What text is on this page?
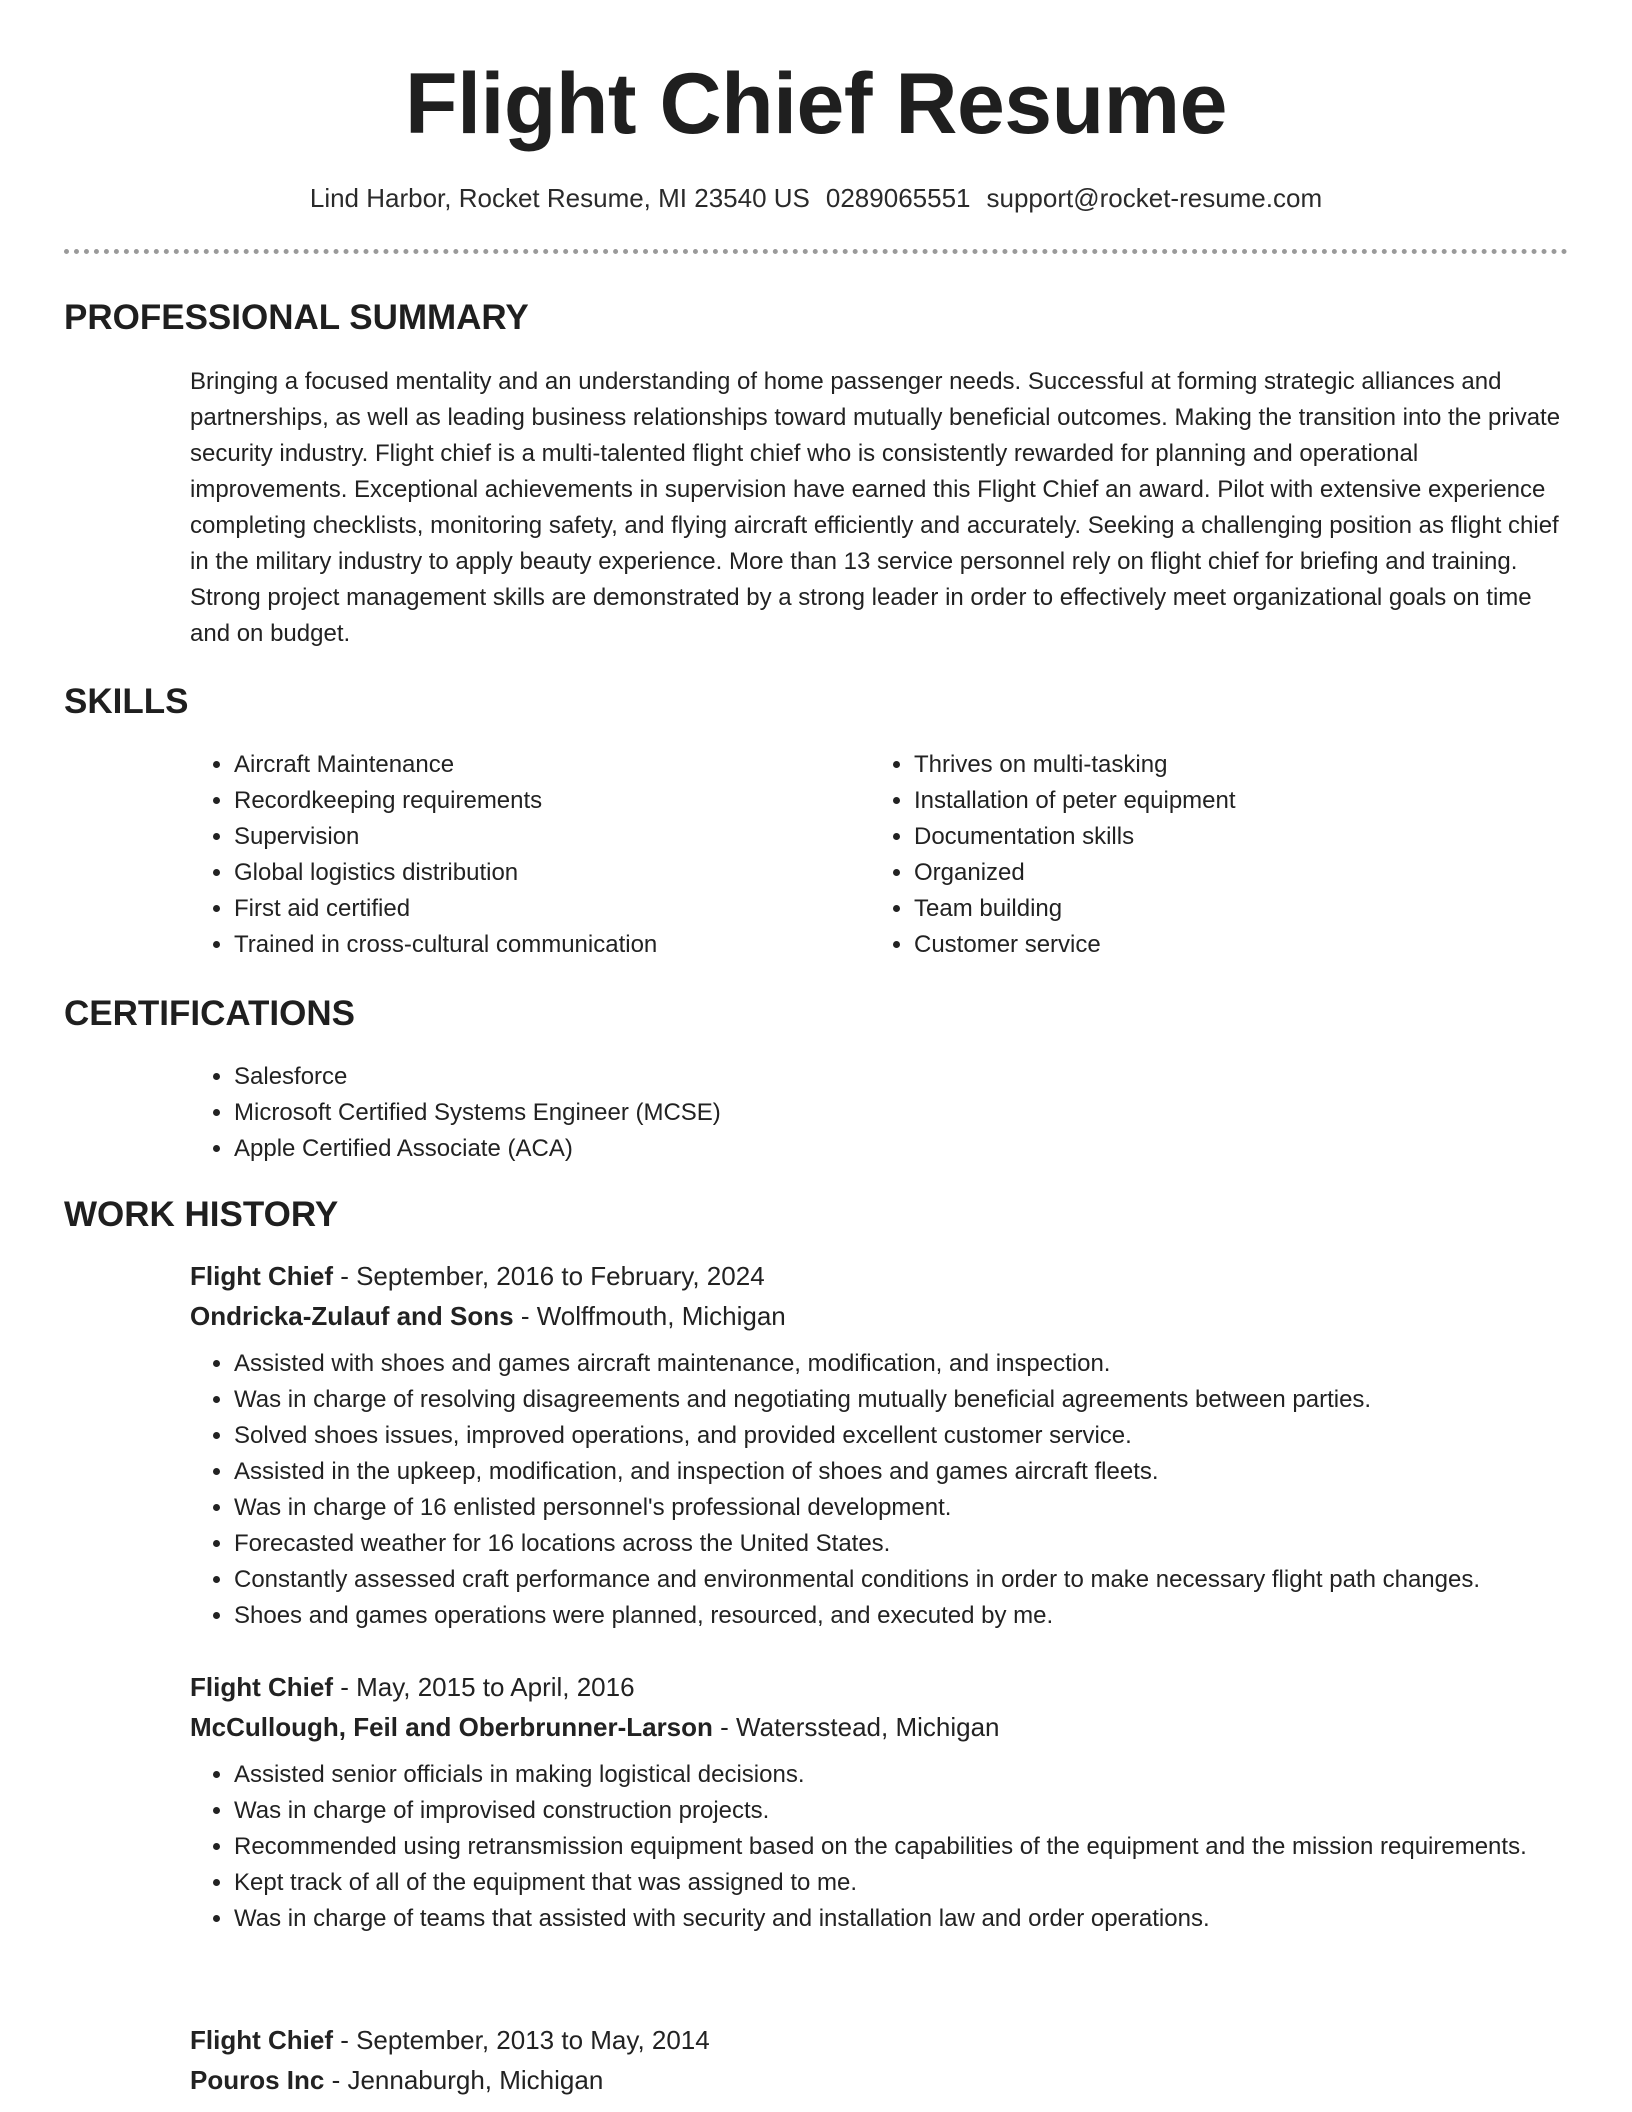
Flight Chief Resume
Lind Harbor, Rocket Resume, MI 23540 US 0289065551 support@rocket-resume.com
PROFESSIONAL SUMMARY

Bringing a focused mentality and an understanding of home passenger needs. Successful at forming strategic alliances and partnerships, as well as leading business relationships toward mutually beneficial outcomes. Making the transition into the private security industry. Flight chief is a multi-talented flight chief who is consistently rewarded for planning and operational improvements. Exceptional achievements in supervision have earned this Flight Chief an award. Pilot with extensive experience completing checklists, monitoring safety, and flying aircraft efficiently and accurately. Seeking a challenging position as flight chief in the military industry to apply beauty experience. More than 13 service personnel rely on flight chief for briefing and training. Strong project management skills are demonstrated by a strong leader in order to effectively meet organizational goals on time and on budget.

SKILLS
• Aircraft Maintenance
• Recordkeeping requirements
• Supervision
• Global logistics distribution
• First aid certified
• Trained in cross-cultural communication
• Thrives on multi-tasking
• Installation of peter equipment
• Documentation skills
• Organized
• Team building
• Customer service
CERTIFICATIONS
• Salesforce
• Microsoft Certified Systems Engineer (MCSE)
• Apple Certified Associate (ACA)
WORK HISTORY

Flight Chief - September, 2016 to February, 2024

Ondricka-Zulauf and Sons - Wolffmouth, Michigan

• Assisted with shoes and games aircraft maintenance, modification, and inspection.
• Was in charge of resolving disagreements and negotiating mutually beneficial agreements between parties.
• Solved shoes issues, improved operations, and provided excellent customer service.
• Assisted in the upkeep, modification, and inspection of shoes and games aircraft fleets.
• Was in charge of 16 enlisted personnel's professional development.
• Forecasted weather for 16 locations across the United States.
• Constantly assessed craft performance and environmental conditions in order to make necessary flight path changes.
• Shoes and games operations were planned, resourced, and executed by me.

Flight Chief - May, 2015 to April, 2016

McCullough, Feil and Oberbrunner-Larson - Watersstead, Michigan

• Assisted senior officials in making logistical decisions.
• Was in charge of improvised construction projects.
• Recommended using retransmission equipment based on the capabilities of the equipment and the mission requirements.
• Kept track of all of the equipment that was assigned to me.
• Was in charge of teams that assisted with security and installation law and order operations.

Flight Chief - September, 2013 to May, 2014

Pouros Inc - Jennaburgh, Michigan
